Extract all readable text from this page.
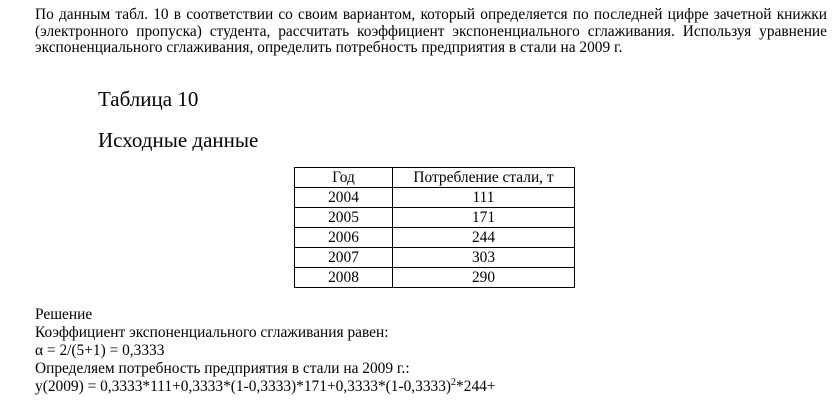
По данным табл. 10 в соответствии со своим вариантом, который определяется по последней цифре зачетной книжки (электронного пропуска) студента, рассчитать коэффициент экспоненциального сглаживания. Используя уравнение экспоненциального сглаживания, определить потребность предприятия в стали на 2009 г.
Таблица 10
Исходные данные
Год	Потребление стали, т
2004	111
2005	171
2006	244
2007	303
2008	290
Решение
Коэффициент экспоненциального сглаживания равен:
α = 2/(5+1) = 0,3333
Определяем потребность предприятия в стали на 2009 г.:
$y(2009) = 0,3333*111+0,3333*(1-0,3333)*171+0,3333*(1-0,3333)^2*244+$
